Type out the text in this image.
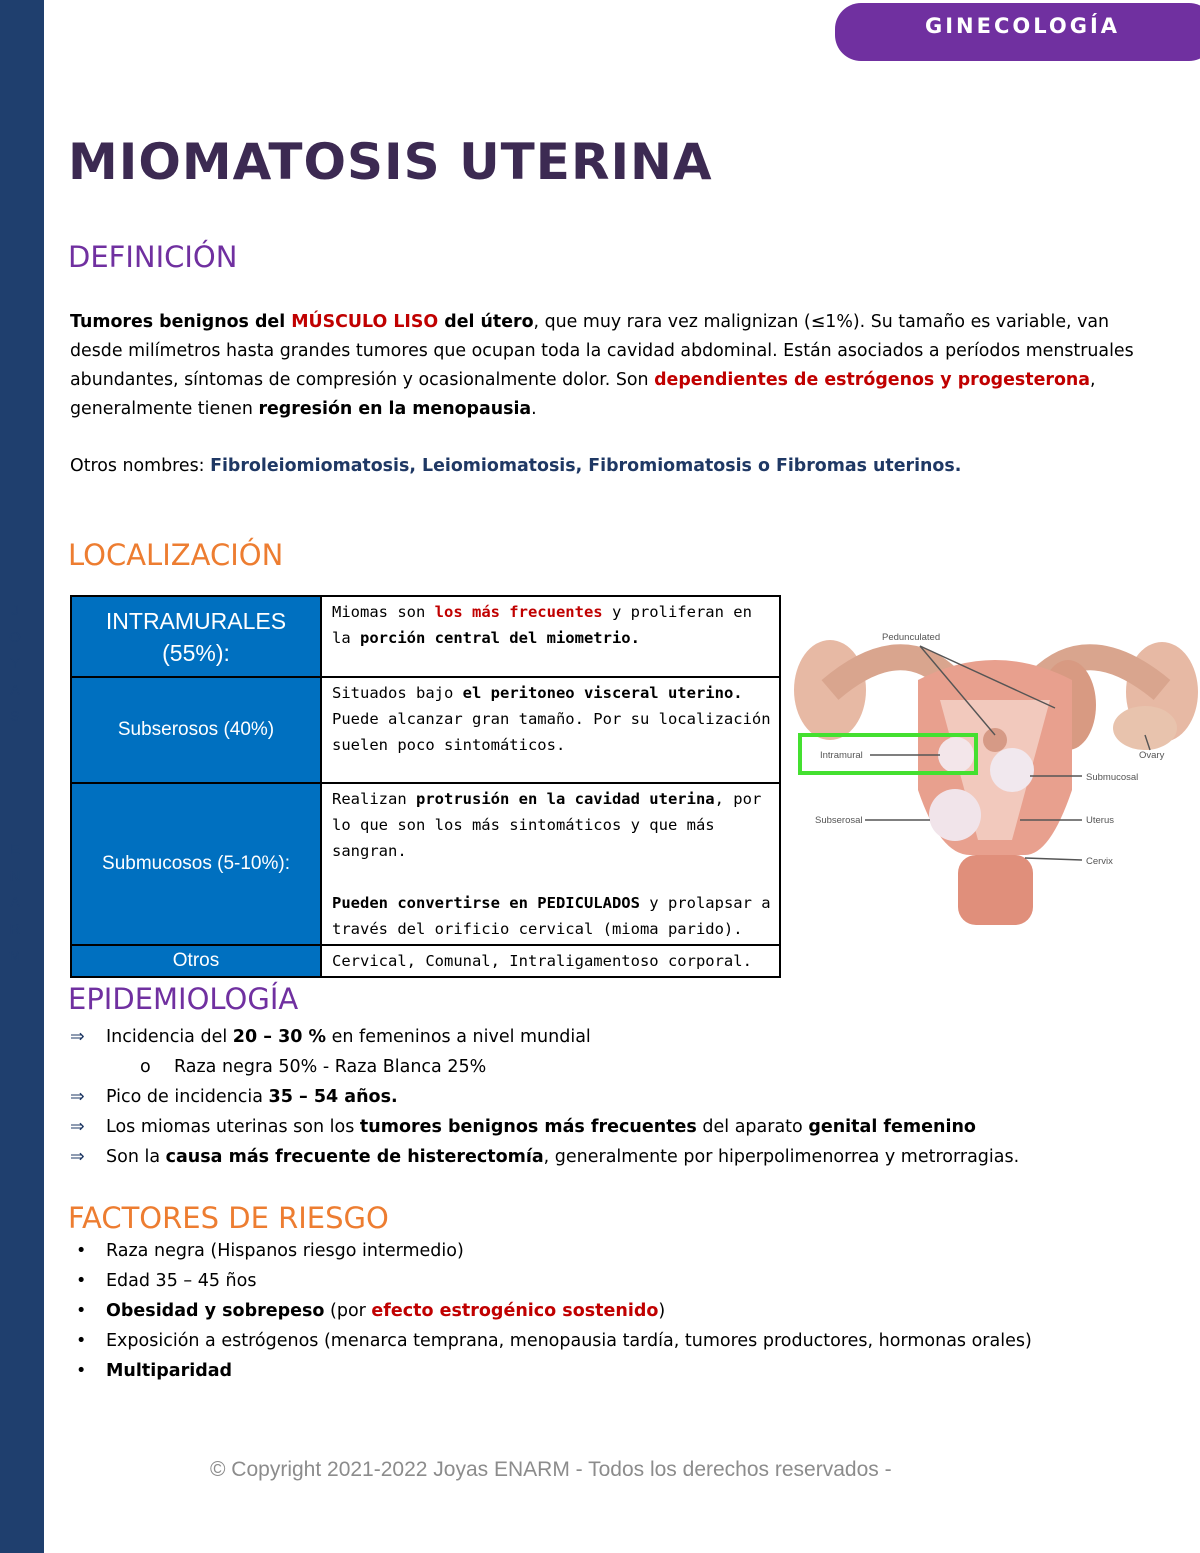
J
O
Y
A
S
E
N
A
R
M
GINECOLOGÍA
MIOMATOSIS UTERINA
DEFINICIÓN

Tumores benignos del MÚSCULO LISO del útero, que muy rara vez malignizan (≤1%). Su tamaño es variable, van desde milímetros hasta grandes tumores que ocupan toda la cavidad abdominal. Están asociados a períodos menstruales abundantes, síntomas de compresión y ocasionalmente dolor. Son dependientes de estrógenos y progesterona, generalmente tienen regresión en la menopausia.

Otros nombres: Fibroleiomiomatosis, Leiomiomatosis, Fibromiomatosis o Fibromas uterinos.

LOCALIZACIÓN
INTRAMURALES (55%):	Miomas son los más frecuentes y proliferan en la porción central del miometrio.

Subserosos (40%)	Situados bajo el peritoneo visceral uterino. Puede alcanzar gran tamaño. Por su localización suelen poco sintomáticos.

Submucosos (5-10%):	Realizan protrusión en la cavidad uterina, por lo que son los más sintomáticos y que más sangran.

Pueden convertirse en PEDICULADOS y prolapsar a través del orificio cervical (mioma parido).

Otros	Cervical, Comunal, Intraligamentoso corporal.

Pedunculated
Intramural	Ovary
Submucosal
Subserosal	Uterus
Cervix
EPIDEMIOLOGÍA
⇒ Incidencia del 20 – 30 % en femeninos a nivel mundial
o Raza negra 50% - Raza Blanca 25%
⇒ Pico de incidencia 35 – 54 años.
⇒ Los miomas uterinas son los tumores benignos más frecuentes del aparato genital femenino
⇒ Son la causa más frecuente de histerectomía, generalmente por hiperpolimenorrea y metrorragias.
FACTORES DE RIESGO
• Raza negra (Hispanos riesgo intermedio)
• Edad 35 – 45 ños
• Obesidad y sobrepeso (por efecto estrogénico sostenido)
• Exposición a estrógenos (menarca temprana, menopausia tardía, tumores productores, hormonas orales)
• Multiparidad
© Copyright 2021-2022 Joyas ENARM - Todos los derechos reservados -
